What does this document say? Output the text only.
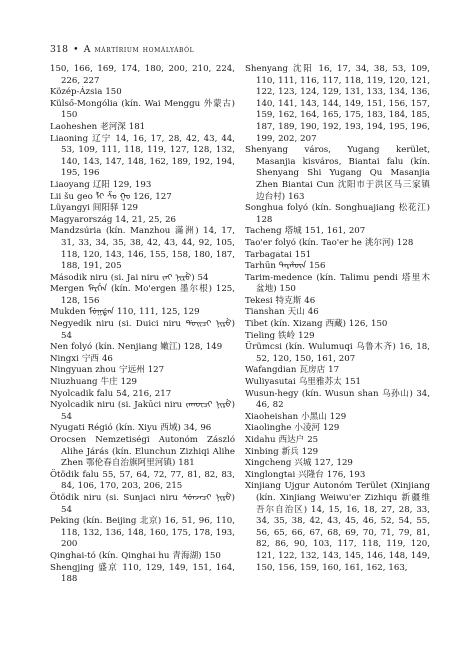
318 • A mártírium homályából

150, 166, 169, 174, 180, 200, 210, 224, 226, 227

Közép-Ázsia 150

Külső-Mongólia (kín. Wai Menggu 外蒙古) 150

Laoheshen 老河深 181

Liaoning 辽宁 14, 16, 17, 28, 42, 43, 44, 53, 109, 111, 118, 119, 127, 128, 132, 140, 143, 147, 148, 162, 189, 192, 194, 195, 196

Liaoyang 辽阳 129, 193

Lii šu geo ᠯᠢ ᠱᠤ ᠭᠣ 126, 127

Lüyangyi 闾阳驿 129

Magyarország 14, 21, 25, 26

Mandzsúria (kín. Manzhou 滿洲) 14, 17, 31, 33, 34, 35, 38, 42, 43, 44, 92, 105, 118, 120, 143, 146, 155, 158, 180, 187, 188, 191, 205

Második niru (si. Jai niru ᠵᠠᡳ ᠨᡳᡵᡠ) 54

Mergen ᠮᡝᡵᡤᡝᠨ (kín. Mo'ergen 墨尔根) 125, 128, 156

Mukden ᠮᡠᡴᡩᡝᠨ 110, 111, 125, 129

Negyedik niru (si. Duici niru ᡩᡠᡳᠴᡳ ᠨᡳᡵᡠ) 54

Nen folyó (kín. Nenjiang 嫩江) 128, 149

Ningxi 宁西 46

Ningyuan zhou 宁远州 127

Niuzhuang 牛庄 129

Nyolcadik falu 54, 216, 217

Nyolcadik niru (si. Jakūci niru ᠵᠠᡴᡡᠴᡳ ᠨᡳᡵᡠ) 54

Nyugati Régió (kín. Xiyu 西域) 34, 96

Orocsen Nemzetiségi Autonóm Zászló Alihe Járás (kín. Elunchun Zizhiqi Alihe Zhen 鄂伦春自治旗阿里河镇) 181

Ötödik falu 55, 57, 64, 72, 77, 81, 82, 83, 84, 106, 170, 203, 206, 215

Ötödik niru (si. Sunjaci niru ᠰᡠᠨᠵᠠᠴᡳ ᠨᡳᡵᡠ) 54

Peking (kín. Beijing 北京) 16, 51, 96, 110, 118, 132, 136, 148, 160, 175, 178, 193, 200

Qinghai-tó (kín. Qinghai hu 青海湖) 150

Shengjing 盛京 110, 129, 149, 151, 164, 188

Shenyang 沈阳 16, 17, 34, 38, 53, 109, 110, 111, 116, 117, 118, 119, 120, 121, 122, 123, 124, 129, 131, 133, 134, 136, 140, 141, 143, 144, 149, 151, 156, 157, 159, 162, 164, 165, 175, 183, 184, 185, 187, 189, 190, 192, 193, 194, 195, 196, 199, 202, 207

Shenyang város, Yugang kerület, Masanjia kisváros, Biantai falu (kín. Shenyang Shi Yugang Qu Masanjia Zhen Biantai Cun 沈阳市于洪区马三家镇边台村) 163

Songhua folyó (kín. Songhuajiang 松花江) 128

Tacheng 塔城 151, 161, 207

Tao'er folyó (kín. Tao'er he 洮尔河) 128

Tarbagatai 151

Tarhūn ᡨᠠᡵᡥᡡᠨ 156

Tarim-medence (kín. Talimu pendi 塔里木盆地) 150

Tekesi 特克斯 46

Tianshan 天山 46

Tibet (kín. Xizang 西藏) 126, 150

Tieling 铁岭 129

Ürümcsi (kín. Wulumuqi 乌鲁木齐) 16, 18, 52, 120, 150, 161, 207

Wafangdian 瓦房店 17

Wuliyasutai 乌里雅苏太 151

Wusun-hegy (kín. Wusun shan 乌孙山) 34, 46, 82

Xiaoheishan 小黑山 129

Xiaolinghe 小凌河 129

Xidahu 西达户 25

Xinbing 新兵 129

Xingcheng 兴城 127, 129

Xinglongtai 兴隆台 176, 193

Xinjiang Ujgur Autonóm Terület (Xinjiang (kín. Xinjiang Weiwu'er Zizhiqu 新疆维吾尔自治区) 14, 15, 16, 18, 27, 28, 33, 34, 35, 38, 42, 43, 45, 46, 52, 54, 55, 56, 65, 66, 67, 68, 69, 70, 71, 79, 81, 82, 86, 90, 103, 117, 118, 119, 120, 121, 122, 132, 143, 145, 146, 148, 149, 150, 156, 159, 160, 161, 162, 163,
